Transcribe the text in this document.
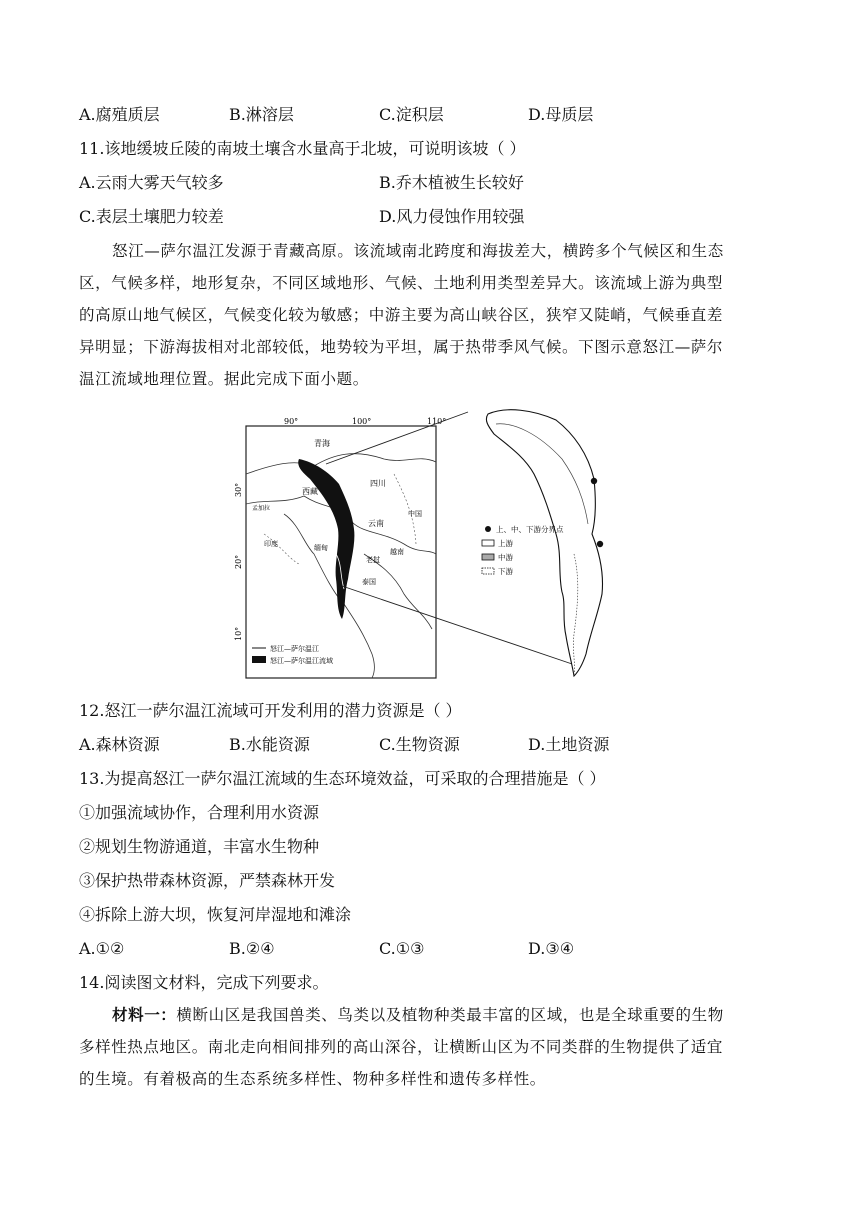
A.腐殖质层	B.淋溶层	C.淀积层	D.母质层
11.该地缓坡丘陵的南坡土壤含水量高于北坡，可说明该坡（ ）
A.云雨大雾天气较多	B.乔木植被生长较好
C.表层土壤肥力较差	D.风力侵蚀作用较强
怒江—萨尔温江发源于青藏高原。该流域南北跨度和海拔差大，横跨多个气候区和生态
区，气候多样，地形复杂，不同区域地形、气候、土地利用类型差异大。该流域上游为典型
的高原山地气候区，气候变化较为敏感；中游主要为高山峡谷区，狭窄又陡峭，气候垂直差
异明显；下游海拔相对北部较低，地势较为平坦，属于热带季风气候。下图示意怒江—萨尔
温江流域地理位置。据此完成下面小题。
90°	100°	110°
30°
20°
10°
青海
四川
西藏
中国
云南
印度	缅甸
老挝
泰国
越南
孟加拉
怒江—萨尔温江
怒江—萨尔温江流域
上、中、下游分界点
上游
中游
下游
12.怒江一萨尔温江流域可开发利用的潜力资源是（ ）
A.森林资源	B.水能资源	C.生物资源	D.土地资源
13.为提高怒江一萨尔温江流域的生态环境效益，可采取的合理措施是（ ）
①加强流域协作，合理利用水资源
②规划生物游通道，丰富水生物种
③保护热带森林资源，严禁森林开发
④拆除上游大坝，恢复河岸湿地和滩涂
A.①②	B.②④	C.①③	D.③④
14.阅读图文材料，完成下列要求。
材料一：横断山区是我国兽类、鸟类以及植物种类最丰富的区域，也是全球重要的生物
多样性热点地区。南北走向相间排列的高山深谷，让横断山区为不同类群的生物提供了适宜
的生境。有着极高的生态系统多样性、物种多样性和遗传多样性。
